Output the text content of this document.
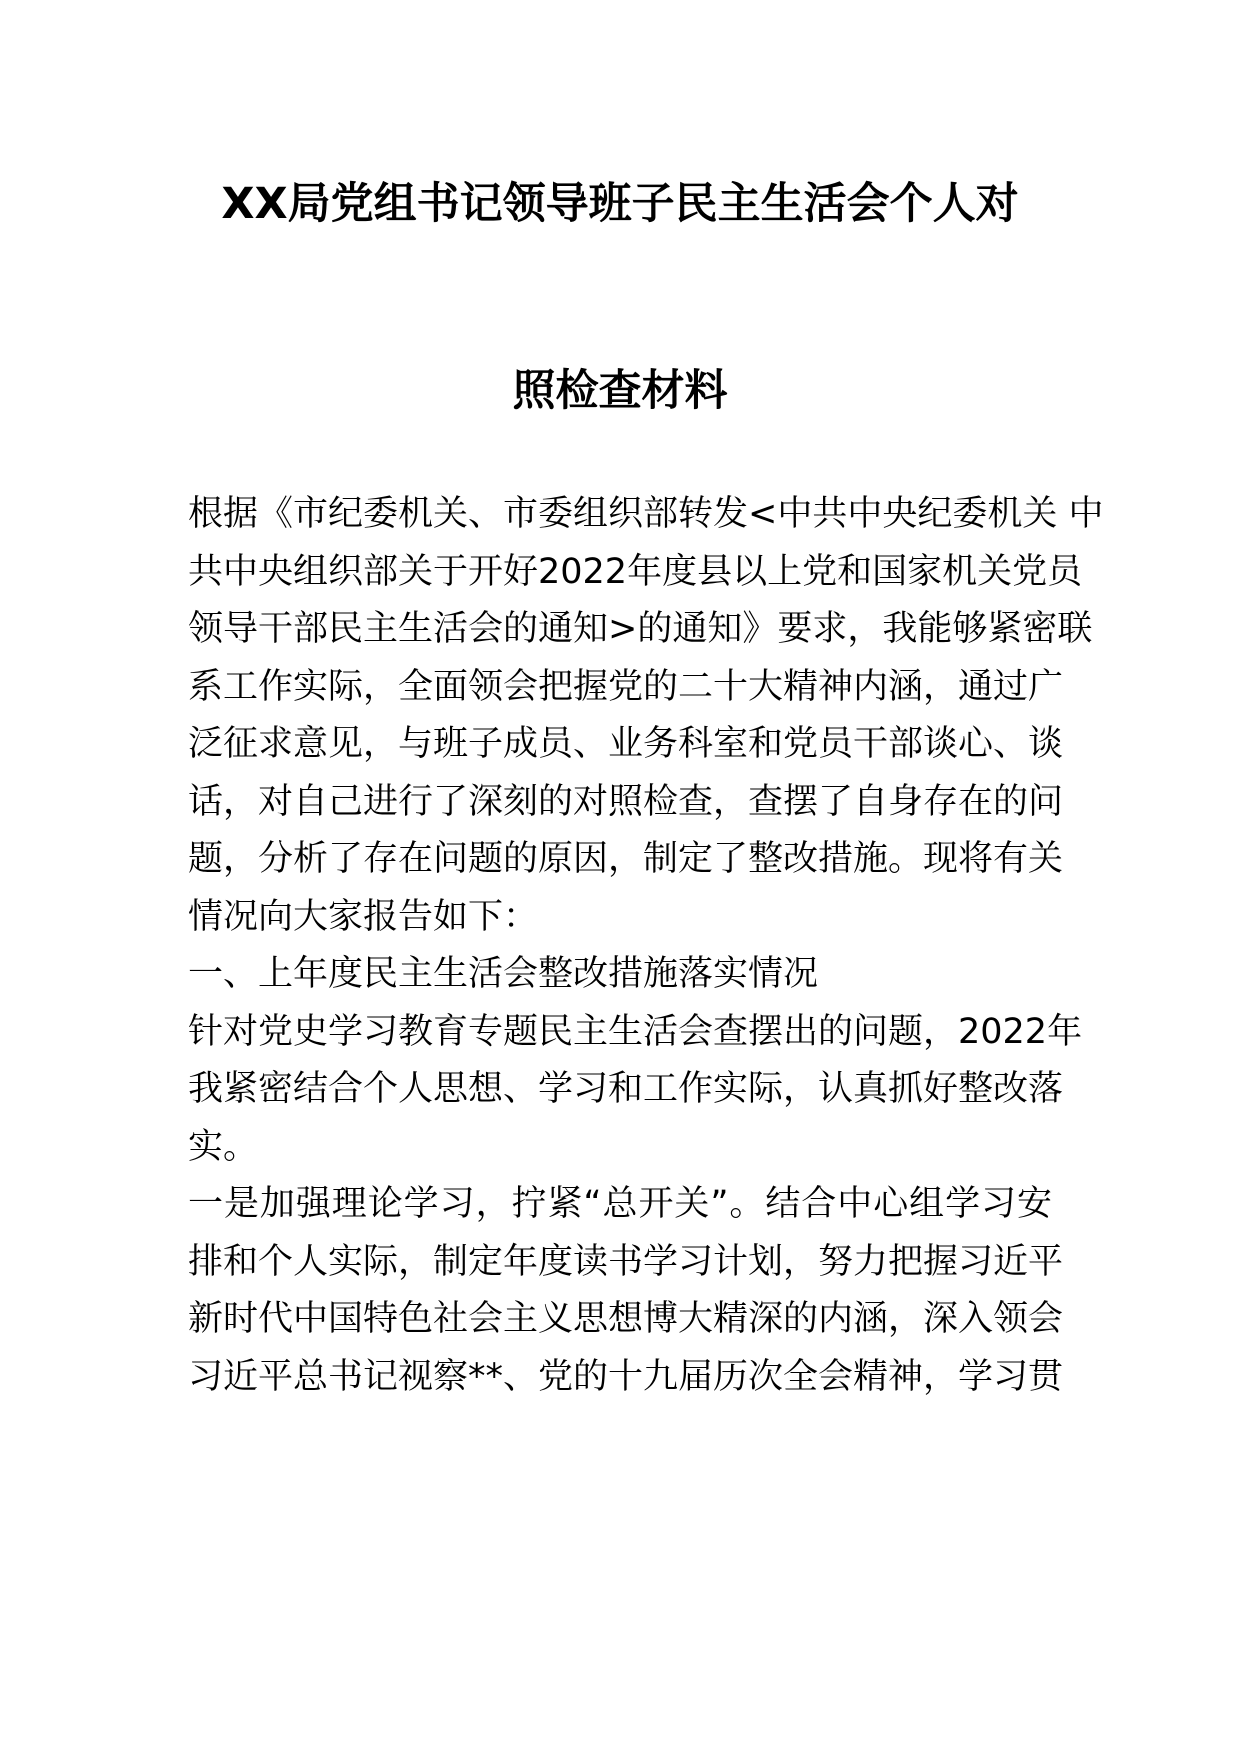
XX局党组书记领导班子民主生活会个人对
照检查材料
根据《市纪委机关、市委组织部转发<中共中央纪委机关 中
共中央组织部关于开好2022年度县以上党和国家机关党员
领导干部民主生活会的通知>的通知》要求，我能够紧密联
系工作实际，全面领会把握党的二十大精神内涵，通过广
泛征求意见，与班子成员、业务科室和党员干部谈心、谈
话，对自己进行了深刻的对照检查，查摆了自身存在的问
题，分析了存在问题的原因，制定了整改措施。现将有关
情况向大家报告如下：
一、上年度民主生活会整改措施落实情况
针对党史学习教育专题民主生活会查摆出的问题，2022年
我紧密结合个人思想、学习和工作实际，认真抓好整改落
实。
一是加强理论学习，拧紧“总开关”。结合中心组学习安
排和个人实际，制定年度读书学习计划，努力把握习近平
新时代中国特色社会主义思想博大精深的内涵，深入领会
习近平总书记视察**、党的十九届历次全会精神，学习贯
